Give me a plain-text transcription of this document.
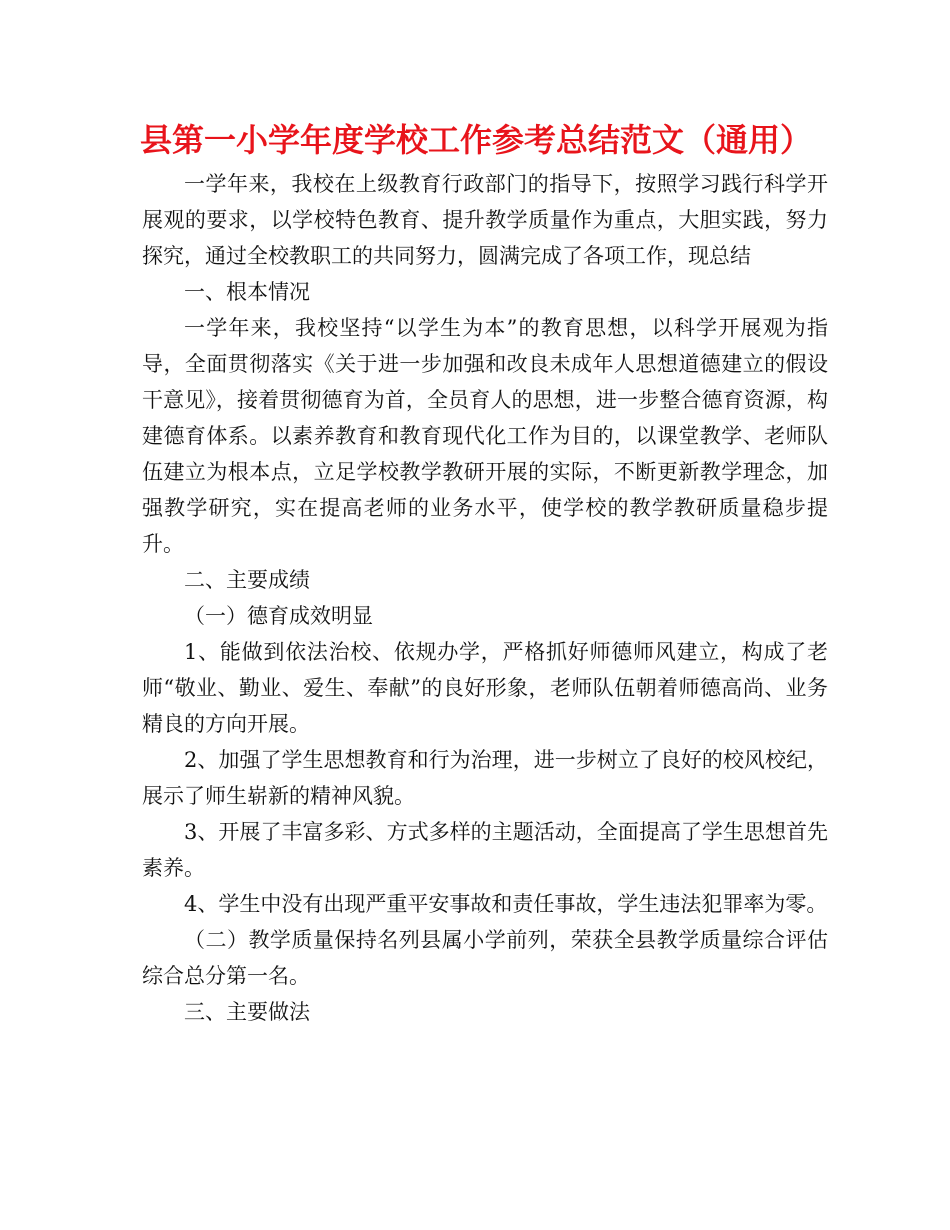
县第一小学年度学校工作参考总结范文（通用）

一学年来，我校在上级教育行政部门的指导下，按照学习践行科学开展观的要求，以学校特色教育、提升教学质量作为重点，大胆实践，努力探究，通过全校教职工的共同努力，圆满完成了各项工作，现总结

一、根本情况

一学年来，我校坚持“以学生为本”的教育思想，以科学开展观为指导，全面贯彻落实《关于进一步加强和改良未成年人思想道德建立的假设干意见》，接着贯彻德育为首，全员育人的思想，进一步整合德育资源，构建德育体系。以素养教育和教育现代化工作为目的，以课堂教学、老师队伍建立为根本点，立足学校教学教研开展的实际，不断更新教学理念，加强教学研究，实在提高老师的业务水平，使学校的教学教研质量稳步提升。

二、主要成绩

（一）德育成效明显

1、能做到依法治校、依规办学，严格抓好师德师风建立，构成了老师“敬业、勤业、爱生、奉献”的良好形象，老师队伍朝着师德高尚、业务精良的方向开展。

2、加强了学生思想教育和行为治理，进一步树立了良好的校风校纪，展示了师生崭新的精神风貌。

3、开展了丰富多彩、方式多样的主题活动，全面提高了学生思想首先素养。

4、学生中没有出现严重平安事故和责任事故，学生违法犯罪率为零。

（二）教学质量保持名列县属小学前列，荣获全县教学质量综合评估综合总分第一名。

三、主要做法
